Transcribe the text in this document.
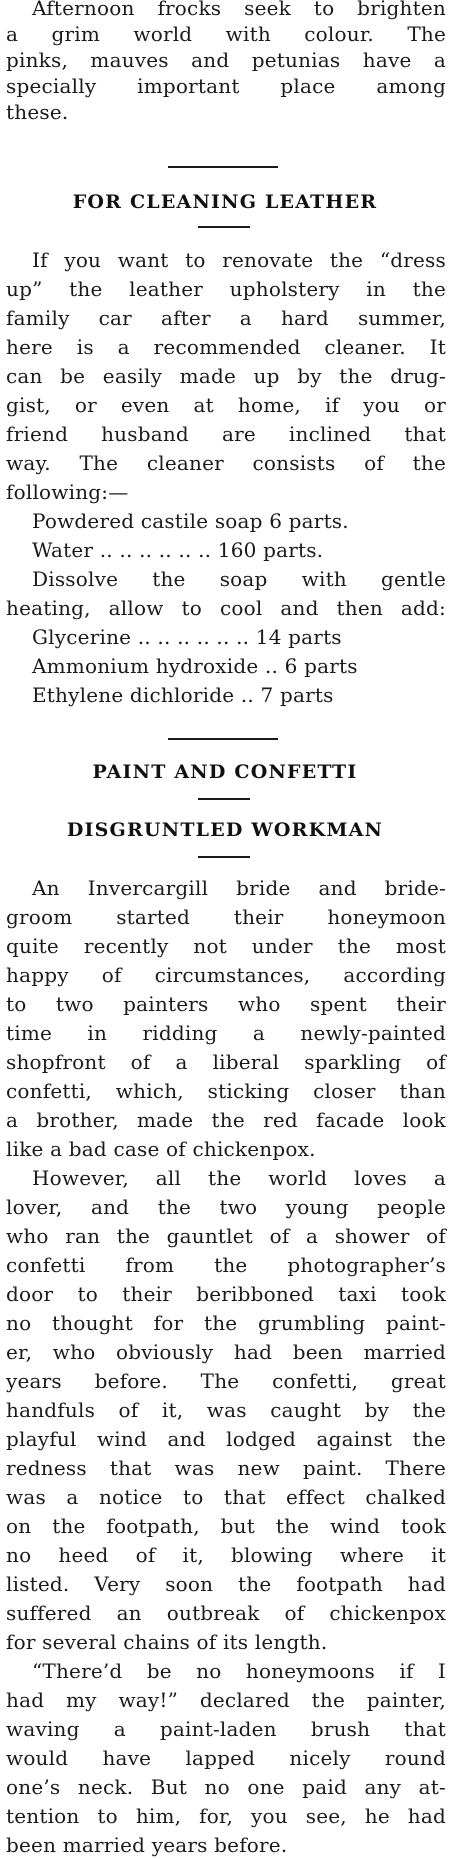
Afternoon frocks seek to brighten
a grim world with colour. The
pinks, mauves and petunias have a
specially important place among
these.
FOR CLEANING LEATHER
If you want to renovate the “dress
up” the leather upholstery in the
family car after a hard summer,
here is a recommended cleaner. It
can be easily made up by the drug-
gist, or even at home, if you or
friend husband are inclined that
way. The cleaner consists of the
following:—
Powdered castile soap 6 parts.
Water .. .. .. .. .. .. 160 parts.
Dissolve the soap with gentle
heating, allow to cool and then add:
Glycerine .. .. .. .. .. .. 14 parts
Ammonium hydroxide .. 6 parts
Ethylene dichloride .. 7 parts
PAINT AND CONFETTI
DISGRUNTLED WORKMAN
An Invercargill bride and bride-
groom started their honeymoon
quite recently not under the most
happy of circumstances, according
to two painters who spent their
time in ridding a newly-painted
shopfront of a liberal sparkling of
confetti, which, sticking closer than
a brother, made the red facade look
like a bad case of chickenpox.
However, all the world loves a
lover, and the two young people
who ran the gauntlet of a shower of
confetti from the photographer’s
door to their beribboned taxi took
no thought for the grumbling paint-
er, who obviously had been married
years before. The confetti, great
handfuls of it, was caught by the
playful wind and lodged against the
redness that was new paint. There
was a notice to that effect chalked
on the footpath, but the wind took
no heed of it, blowing where it
listed. Very soon the footpath had
suffered an outbreak of chickenpox
for several chains of its length.
“There’d be no honeymoons if I
had my way!” declared the painter,
waving a paint-laden brush that
would have lapped nicely round
one’s neck. But no one paid any at-
tention to him, for, you see, he had
been married years before.
